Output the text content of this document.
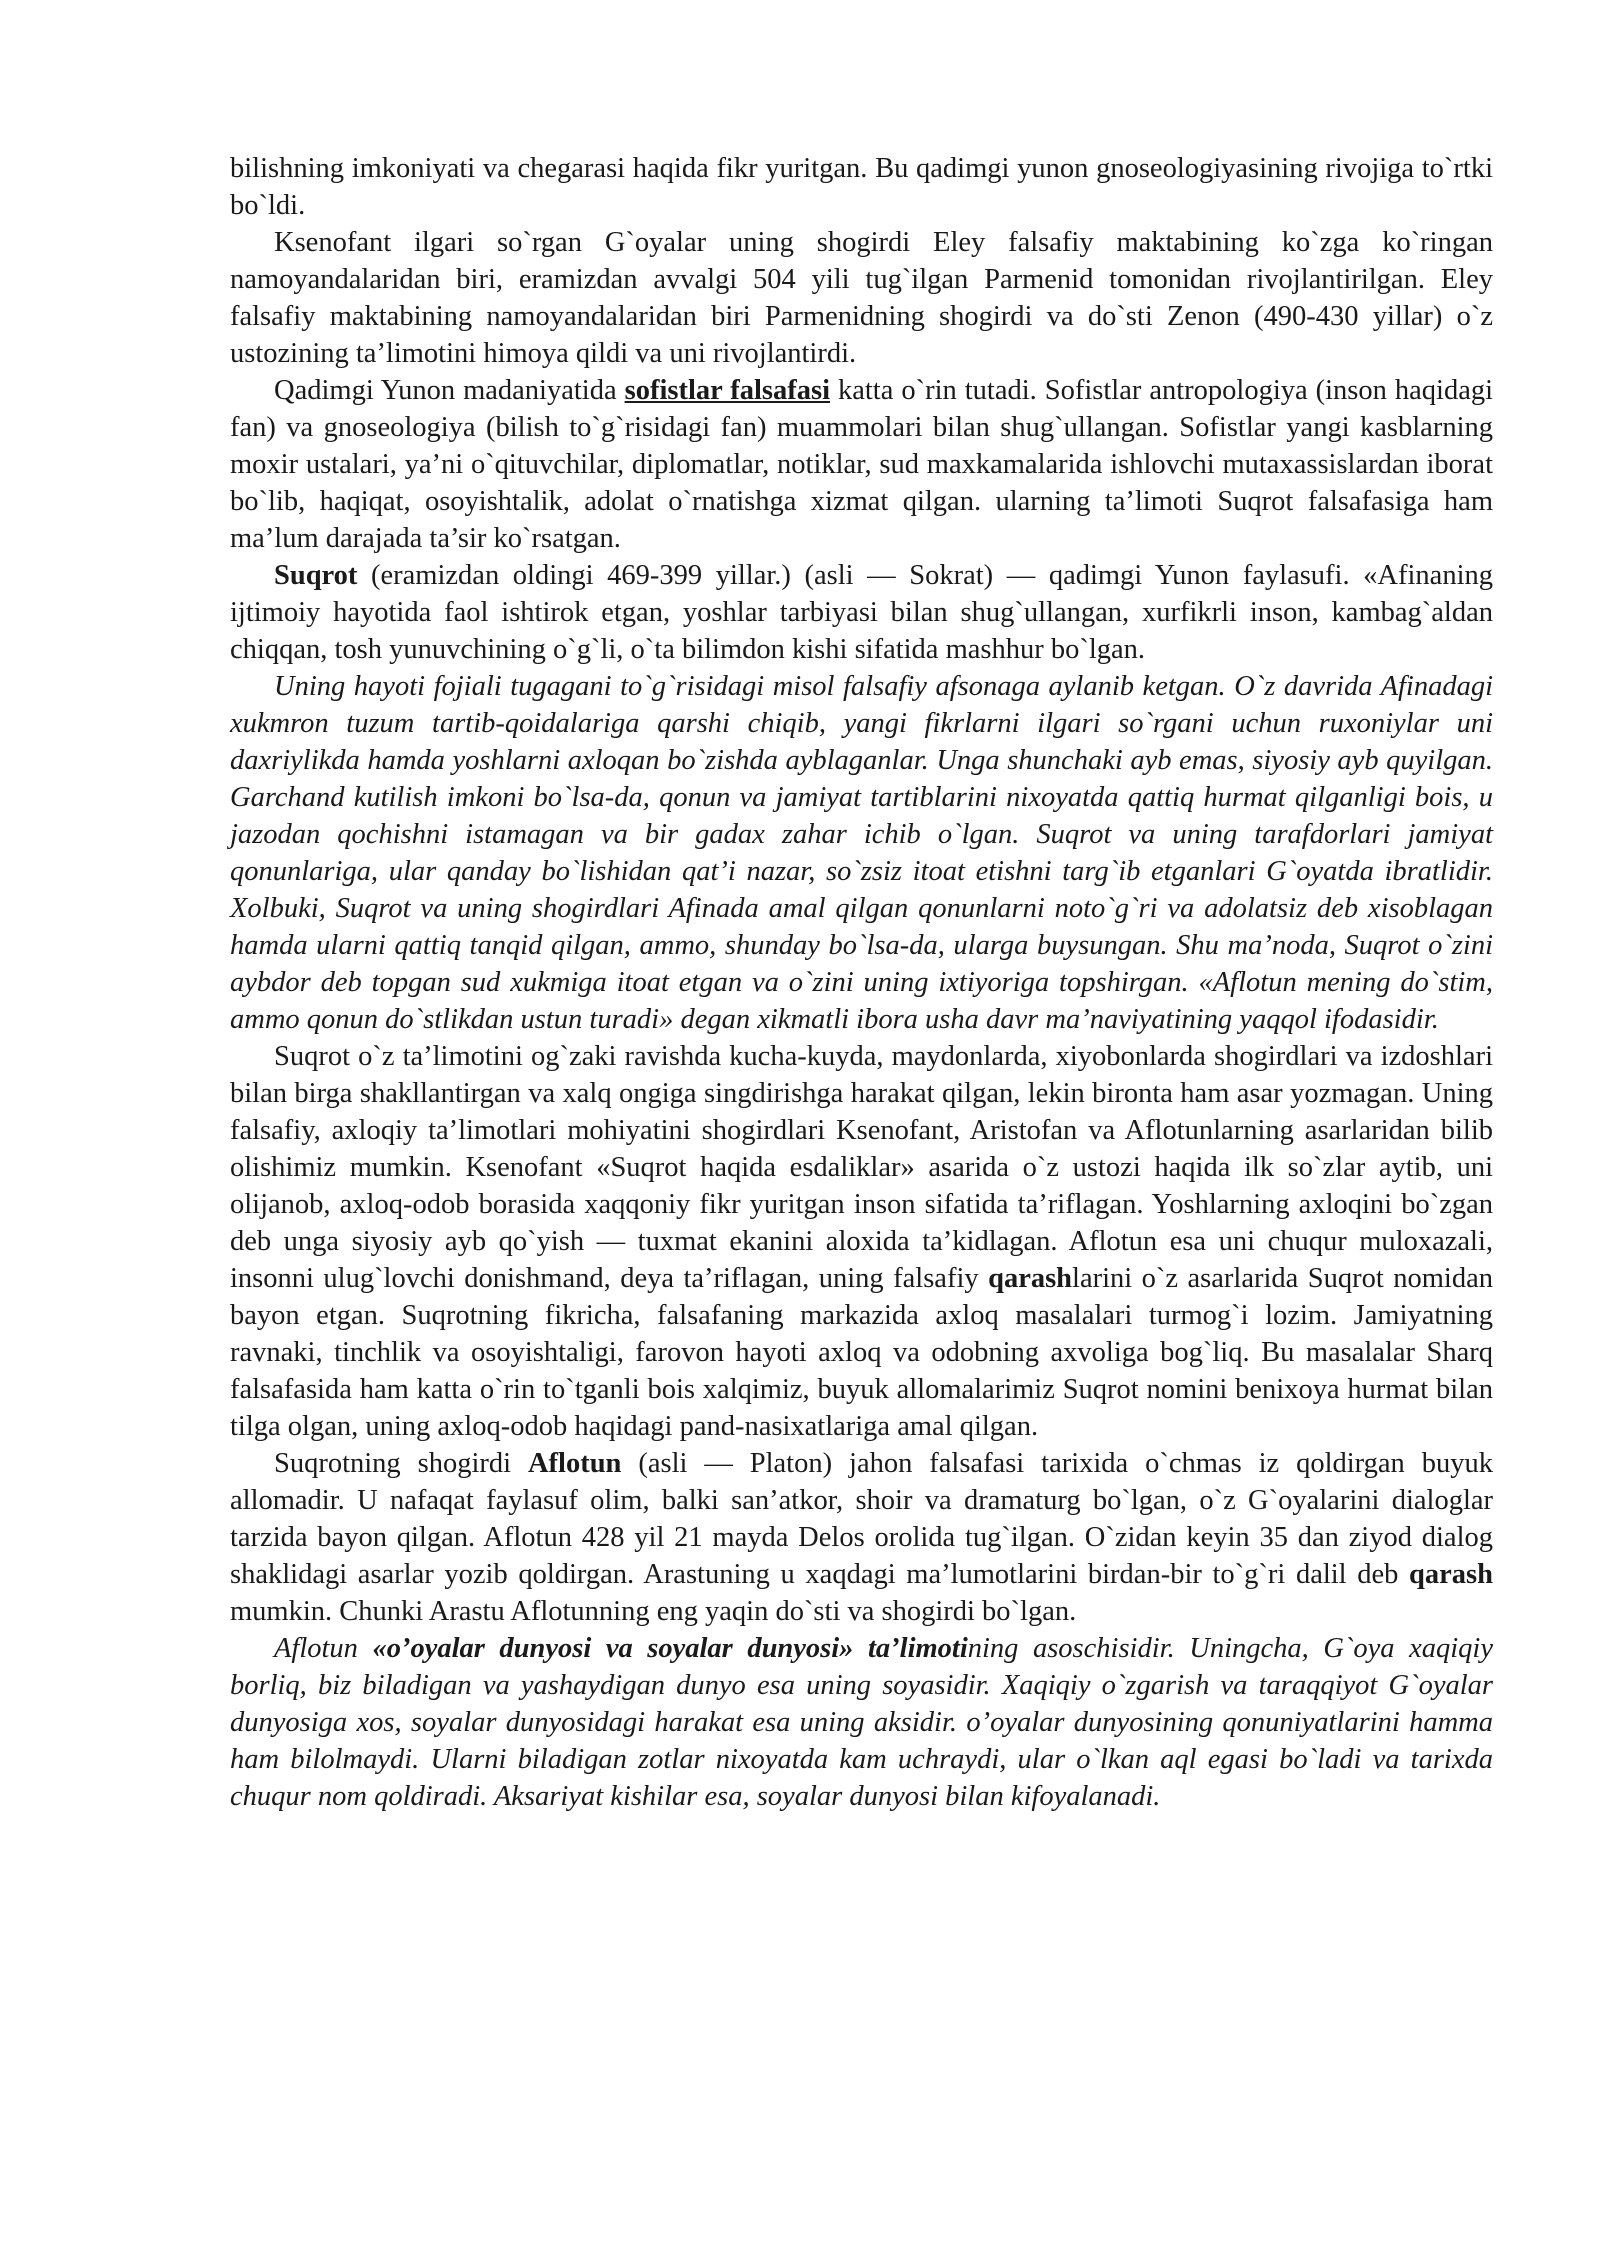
bilishning imkoniyati va chegarasi haqida fikr yuritgan. Bu qadimgi yunon gnoseologiyasining rivojiga to`rtki bo`ldi.

Ksenofant ilgari so`rgan G`oyalar uning shogirdi Eley falsafiy maktabining ko`zga ko`ringan namoyandalaridan biri, eramizdan avvalgi 504 yili tug`ilgan Parmenid tomonidan rivojlantirilgan. Eley falsafiy maktabining namoyandalaridan biri Parmenidning shogirdi va do`sti Zenon (490-430 yillar) o`z ustozining ta’limotini himoya qildi va uni rivojlantirdi.

Qadimgi Yunon madaniyatida sofistlar falsafasi katta o`rin tutadi. Sofistlar antropologiya (inson haqidagi fan) va gnoseologiya (bilish to`g`risidagi fan) muammolari bilan shug`ullangan. Sofistlar yangi kasblarning moxir ustalari, ya’ni o`qituvchilar, diplomatlar, notiklar, sud maxkamalarida ishlovchi mutaxassislardan iborat bo`lib, haqiqat, osoyishtalik, adolat o`rnatishga xizmat qilgan. ularning ta’limoti Suqrot falsafasiga ham ma’lum darajada ta’sir ko`rsatgan.

Suqrot (eramizdan oldingi 469-399 yillar.) (asli — Sokrat) — qadimgi Yunon faylasufi. «Afinaning ijtimoiy hayotida faol ishtirok etgan, yoshlar tarbiyasi bilan shug`ullangan, xurfikrli inson, kambag`aldan chiqqan, tosh yunuvchining o`g`li, o`ta bilimdon kishi sifatida mashhur bo`lgan.

Uning hayoti fojiali tugagani to`g`risidagi misol falsafiy afsonaga aylanib ketgan. O`z davrida Afinadagi xukmron tuzum tartib-qoidalariga qarshi chiqib, yangi fikrlarni ilgari so`rgani uchun ruxoniylar uni daxriylikda hamda yoshlarni axloqan bo`zishda ayblaganlar. Unga shunchaki ayb emas, siyosiy ayb quyilgan. Garchand kutilish imkoni bo`lsa-da, qonun va jamiyat tartiblarini nixoyatda qattiq hurmat qilganligi bois, u jazodan qochishni istamagan va bir gadax zahar ichib o`lgan. Suqrot va uning tarafdorlari jamiyat qonunlariga, ular qanday bo`lishidan qat’i nazar, so`zsiz itoat etishni targ`ib etganlari G`oyatda ibratlidir. Xolbuki, Suqrot va uning shogirdlari Afinada amal qilgan qonunlarni noto`g`ri va adolatsiz deb xisoblagan hamda ularni qattiq tanqid qilgan, ammo, shunday bo`lsa-da, ularga buysungan. Shu ma’noda, Suqrot o`zini aybdor deb topgan sud xukmiga itoat etgan va o`zini uning ixtiyoriga topshirgan. «Aflotun mening do`stim, ammo qonun do`stlikdan ustun turadi» degan xikmatli ibora usha davr ma’naviyatining yaqqol ifodasidir.

Suqrot o`z ta’limotini og`zaki ravishda kucha-kuyda, maydonlarda, xiyobonlarda shogirdlari va izdoshlari bilan birga shakllantirgan va xalq ongiga singdirishga harakat qilgan, lekin bironta ham asar yozmagan. Uning falsafiy, axloqiy ta’limotlari mohiyatini shogirdlari Ksenofant, Aristofan va Aflotunlarning asarlaridan bilib olishimiz mumkin. Ksenofant «Suqrot haqida esdaliklar» asarida o`z ustozi haqida ilk so`zlar aytib, uni olijanob, axloq-odob borasida xaqqoniy fikr yuritgan inson sifatida ta’riflagan. Yoshlarning axloqini bo`zgan deb unga siyosiy ayb qo`yish — tuxmat ekanini aloxida ta’kidlagan. Aflotun esa uni chuqur muloxazali, insonni ulug`lovchi donishmand, deya ta’riflagan, uning falsafiy qarashlarini o`z asarlarida Suqrot nomidan bayon etgan. Suqrotning fikricha, falsafaning markazida axloq masalalari turmog`i lozim. Jamiyatning ravnaki, tinchlik va osoyishtaligi, farovon hayoti axloq va odobning axvoliga bog`liq. Bu masalalar Sharq falsafasida ham katta o`rin to`tganli bois xalqimiz, buyuk allomalarimiz Suqrot nomini benixoya hurmat bilan tilga olgan, uning axloq-odob haqidagi pand-nasixatlariga amal qilgan.

Suqrotning shogirdi Aflotun (asli — Platon) jahon falsafasi tarixida o`chmas iz qoldirgan buyuk allomadir. U nafaqat faylasuf olim, balki san’atkor, shoir va dramaturg bo`lgan, o`z G`oyalarini dialoglar tarzida bayon qilgan. Aflotun 428 yil 21 mayda Delos orolida tug`ilgan. O`zidan keyin 35 dan ziyod dialog shaklidagi asarlar yozib qoldirgan. Arastuning u xaqdagi ma’lumotlarini birdan-bir to`g`ri dalil deb qarash mumkin. Chunki Arastu Aflotunning eng yaqin do`sti va shogirdi bo`lgan.

Aflotun «o’oyalar dunyosi va soyalar dunyosi» ta’limotining asoschisidir. Uningcha, G`oya xaqiqiy borliq, biz biladigan va yashaydigan dunyo esa uning soyasidir. Xaqiqiy o`zgarish va taraqqiyot G`oyalar dunyosiga xos, soyalar dunyosidagi harakat esa uning aksidir. o’oyalar dunyosining qonuniyatlarini hamma ham bilolmaydi. Ularni biladigan zotlar nixoyatda kam uchraydi, ular o`lkan aql egasi bo`ladi va tarixda chuqur nom qoldiradi. Aksariyat kishilar esa, soyalar dunyosi bilan kifoyalanadi.
